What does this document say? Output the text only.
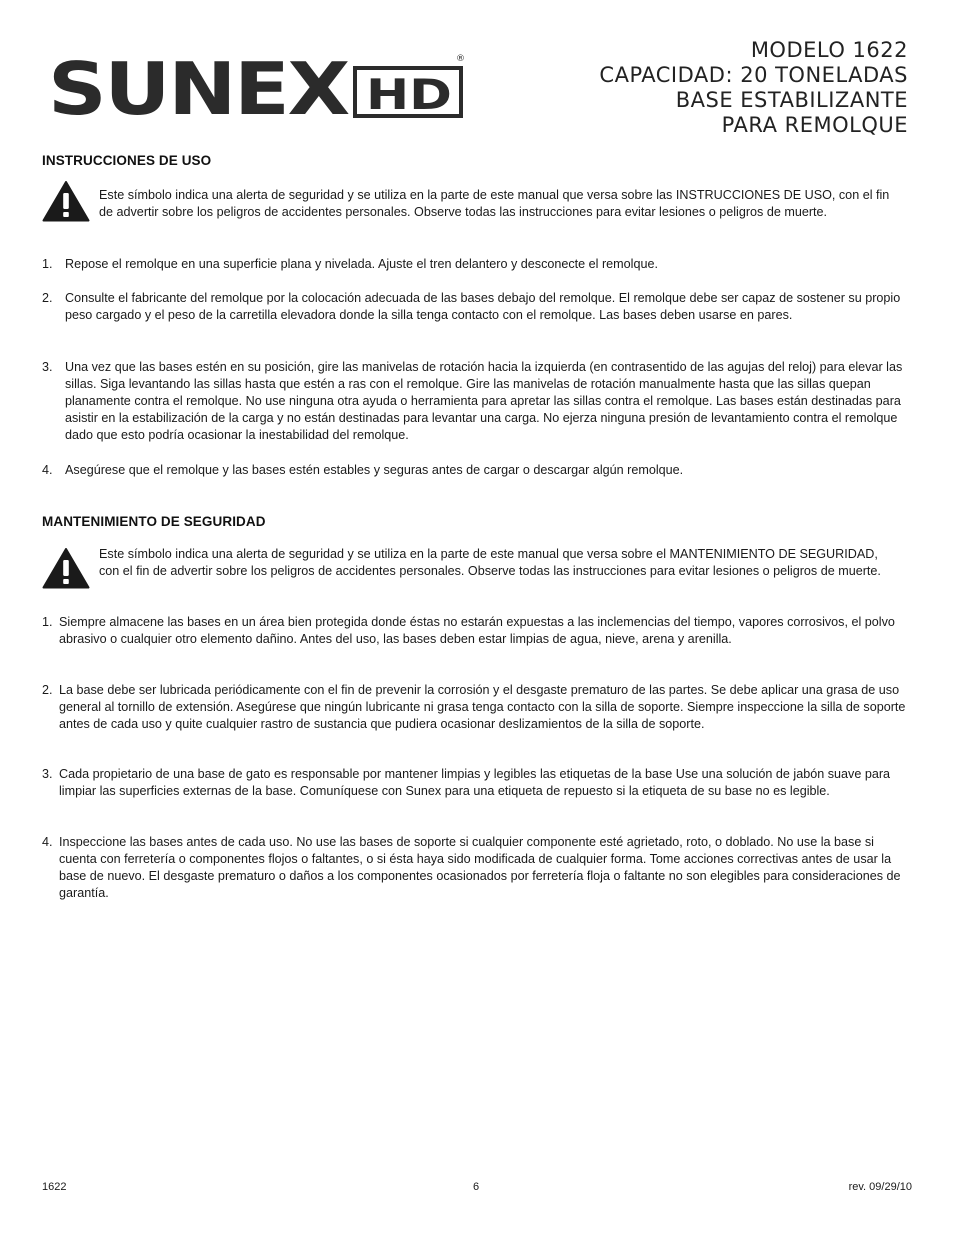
SUNEX HD
®	MODELO 1622
CAPACIDAD: 20 TONELADAS
BASE ESTABILIZANTE
PARA REMOLQUE
INSTRUCCIONES DE USO
Este símbolo indica una alerta de seguridad y se utiliza en la parte de este manual que versa sobre las INSTRUCCIONES DE USO, con el fin de advertir sobre los peligros de accidentes personales. Observe todas las instrucciones para evitar lesiones o peligros de muerte.
1. Repose el remolque en una superficie plana y nivelada. Ajuste el tren delantero y desconecte el remolque.
2. Consulte el fabricante del remolque por la colocación adecuada de las bases debajo del remolque. El remolque debe ser capaz de sostener su propio peso cargado y el peso de la carretilla elevadora donde la silla tenga contacto con el remolque. Las bases deben usarse en pares.
3. Una vez que las bases estén en su posición, gire las manivelas de rotación hacia la izquierda (en contrasentido de las agujas del reloj) para elevar las sillas. Siga levantando las sillas hasta que estén a ras con el remolque. Gire las manivelas de rotación manualmente hasta que las sillas quepan planamente contra el remolque. No use ninguna otra ayuda o herramienta para apretar las sillas contra el remolque. Las bases están destinadas para asistir en la estabilización de la carga y no están destinadas para levantar una carga. No ejerza ninguna presión de levantamiento contra el remolque dado que esto podría ocasionar la inestabilidad del remolque.
4. Asegúrese que el remolque y las bases estén estables y seguras antes de cargar o descargar algún remolque.
MANTENIMIENTO DE SEGURIDAD
Este símbolo indica una alerta de seguridad y se utiliza en la parte de este manual que versa sobre el MANTENIMIENTO DE SEGURIDAD, con el fin de advertir sobre los peligros de accidentes personales. Observe todas las instrucciones para evitar lesiones o peligros de muerte.
1. Siempre almacene las bases en un área bien protegida donde éstas no estarán expuestas a las inclemencias del tiempo, vapores corrosivos, el polvo abrasivo o cualquier otro elemento dañino. Antes del uso, las bases deben estar limpias de agua, nieve, arena y arenilla.
2. La base debe ser lubricada periódicamente con el fin de prevenir la corrosión y el desgaste prematuro de las partes. Se debe aplicar una grasa de uso general al tornillo de extensión. Asegúrese que ningún lubricante ni grasa tenga contacto con la silla de soporte. Siempre inspeccione la silla de soporte antes de cada uso y quite cualquier rastro de sustancia que pudiera ocasionar deslizamientos de la silla de soporte.
3. Cada propietario de una base de gato es responsable por mantener limpias y legibles las etiquetas de la base Use una solución de jabón suave para limpiar las superficies externas de la base. Comuníquese con Sunex para una etiqueta de repuesto si la etiqueta de su base no es legible.
4. Inspeccione las bases antes de cada uso. No use las bases de soporte si cualquier componente esté agrietado, roto, o doblado. No use la base si cuenta con ferretería o componentes flojos o faltantes, o si ésta haya sido modificada de cualquier forma. Tome acciones correctivas antes de usar la base de nuevo. El desgaste prematuro o daños a los componentes ocasionados por ferretería floja o faltante no son elegibles para consideraciones de garantía.
1622	6	rev. 09/29/10
